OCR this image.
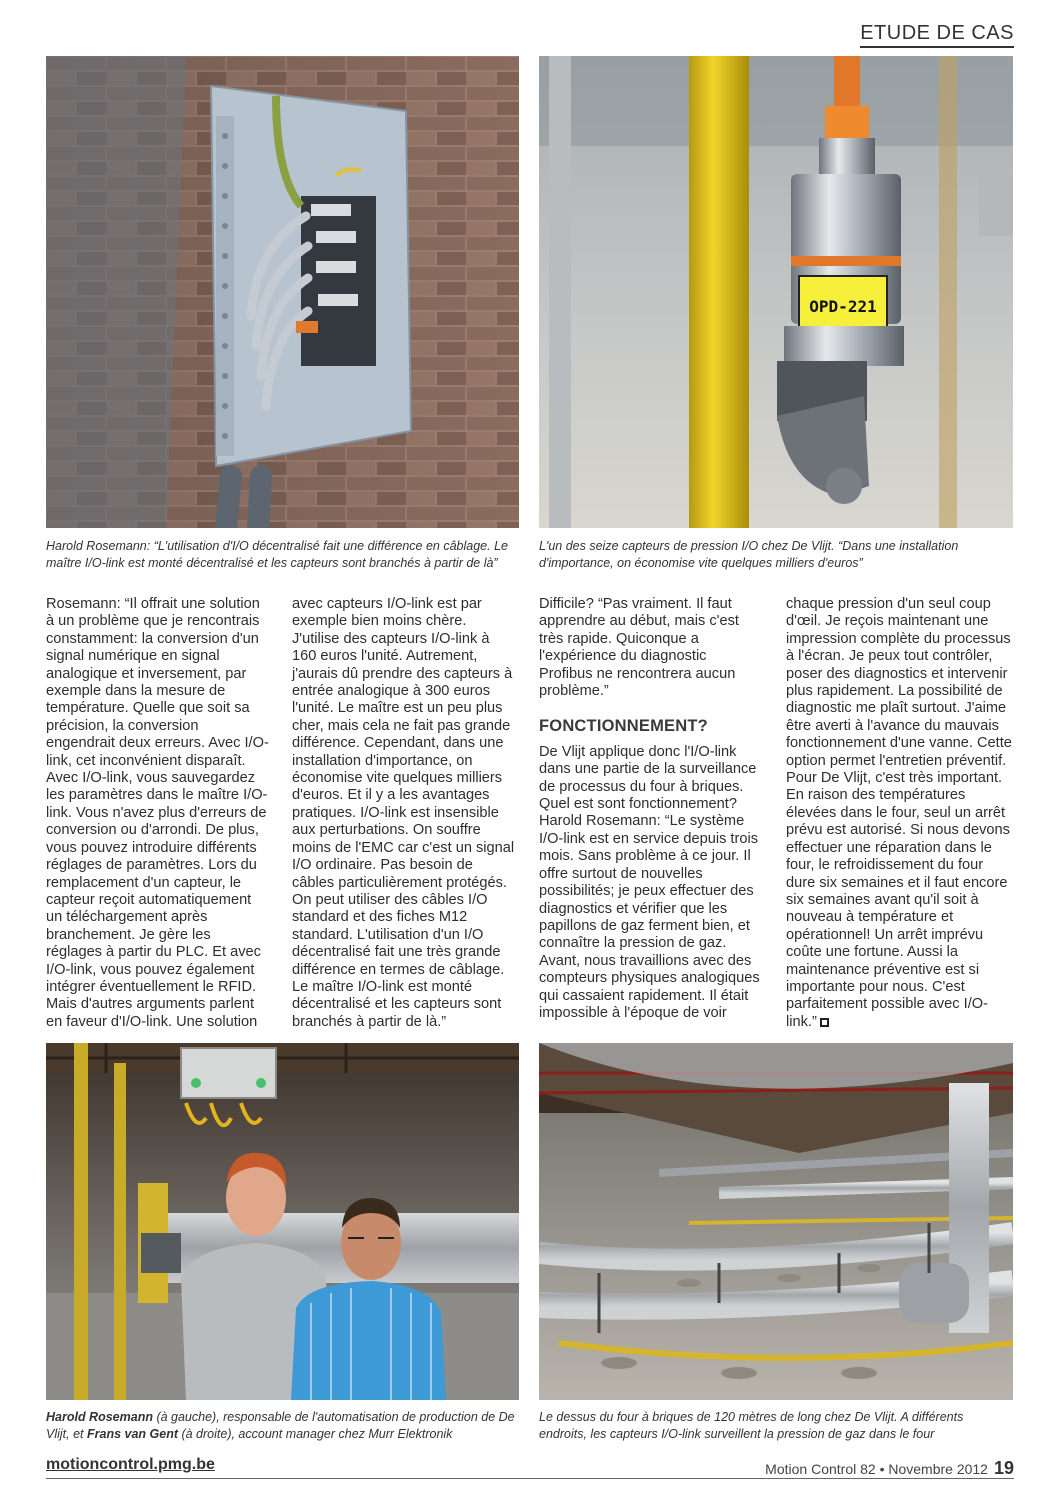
ETUDE DE CAS
OPD-221
Harold Rosemann: “L'utilisation d'I/O décentralisé fait une différence en câblage. Le maître I/O-link est monté décentralisé et les capteurs sont branchés à partir de là”
L'un des seize capteurs de pression I/O chez De Vlijt. “Dans une installation d'importance, on économise vite quelques milliers d'euros”

Rosemann: “Il offrait une solution à un problème que je rencontrais constamment: la conversion d'un signal numérique en signal analogique et inversement, par exemple dans la mesure de température. Quelle que soit sa précision, la conversion engendrait deux erreurs. Avec I/O-link, cet inconvénient disparaît. Avec I/O-link, vous sauvegardez les paramètres dans le maître I/O-link. Vous n'avez plus d'erreurs de conversion ou d'arrondi. De plus, vous pouvez introduire différents réglages de paramètres. Lors du remplacement d'un capteur, le capteur reçoit automatiquement un téléchargement après branchement. Je gère les réglages à partir du PLC. Et avec I/O-link, vous pouvez également intégrer éventuellement le RFID. Mais d'autres arguments parlent en faveur d'I/O-link. Une solution

avec capteurs I/O-link est par exemple bien moins chère. J'utilise des capteurs I/O-link à 160 euros l'unité. Autrement, j'aurais dû prendre des capteurs à entrée analogique à 300 euros l'unité. Le maître est un peu plus cher, mais cela ne fait pas grande différence. Cependant, dans une installation d'importance, on économise vite quelques milliers d'euros. Et il y a les avantages pratiques. I/O-link est insensible aux perturbations. On souffre moins de l'EMC car c'est un signal I/O ordinaire. Pas besoin de câbles particulièrement protégés. On peut utiliser des câbles I/O standard et des fiches M12 standard. L'utilisation d'un I/O décentralisé fait une très grande différence en termes de câblage. Le maître I/O-link est monté décentralisé et les capteurs sont branchés à partir de là.”

Difficile? “Pas vraiment. Il faut apprendre au début, mais c'est très rapide. Quiconque a l'expérience du diagnostic Profibus ne rencontrera aucun problème.”

FONCTIONNEMENT?

De Vlijt applique donc l'I/O-link dans une partie de la surveillance de processus du four à briques. Quel est sont fonctionnement? Harold Rosemann: “Le système I/O-link est en service depuis trois mois. Sans problème à ce jour. Il offre surtout de nouvelles possibilités; je peux effectuer des diagnostics et vérifier que les papillons de gaz ferment bien, et connaître la pression de gaz. Avant, nous travaillions avec des compteurs physiques analogiques qui cassaient rapidement. Il était impossible à l'époque de voir

chaque pression d'un seul coup d'œil. Je reçois maintenant une impression complète du processus à l'écran. Je peux tout contrôler, poser des diagnostics et intervenir plus rapidement. La possibilité de diagnostic me plaît surtout. J'aime être averti à l'avance du mauvais fonctionnement d'une vanne. Cette option permet l'entretien préventif. Pour De Vlijt, c'est très important. En raison des températures élevées dans le four, seul un arrêt prévu est autorisé. Si nous devons effectuer une réparation dans le four, le refroidissement du four dure six semaines et il faut encore six semaines avant qu'il soit à nouveau à température et opérationnel! Un arrêt imprévu coûte une fortune. Aussi la maintenance préventive est si importante pour nous. C'est parfaitement possible avec I/O-link.”

Harold Rosemann (à gauche), responsable de l'automatisation de production de De Vlijt, et Frans van Gent (à droite), account manager chez Murr Elektronik
Le dessus du four à briques de 120 mètres de long chez De Vlijt. A différents endroits, les capteurs I/O-link surveillent la pression de gaz dans le four
motioncontrol.pmg.be	Motion Control 82 • Novembre 2012 19
